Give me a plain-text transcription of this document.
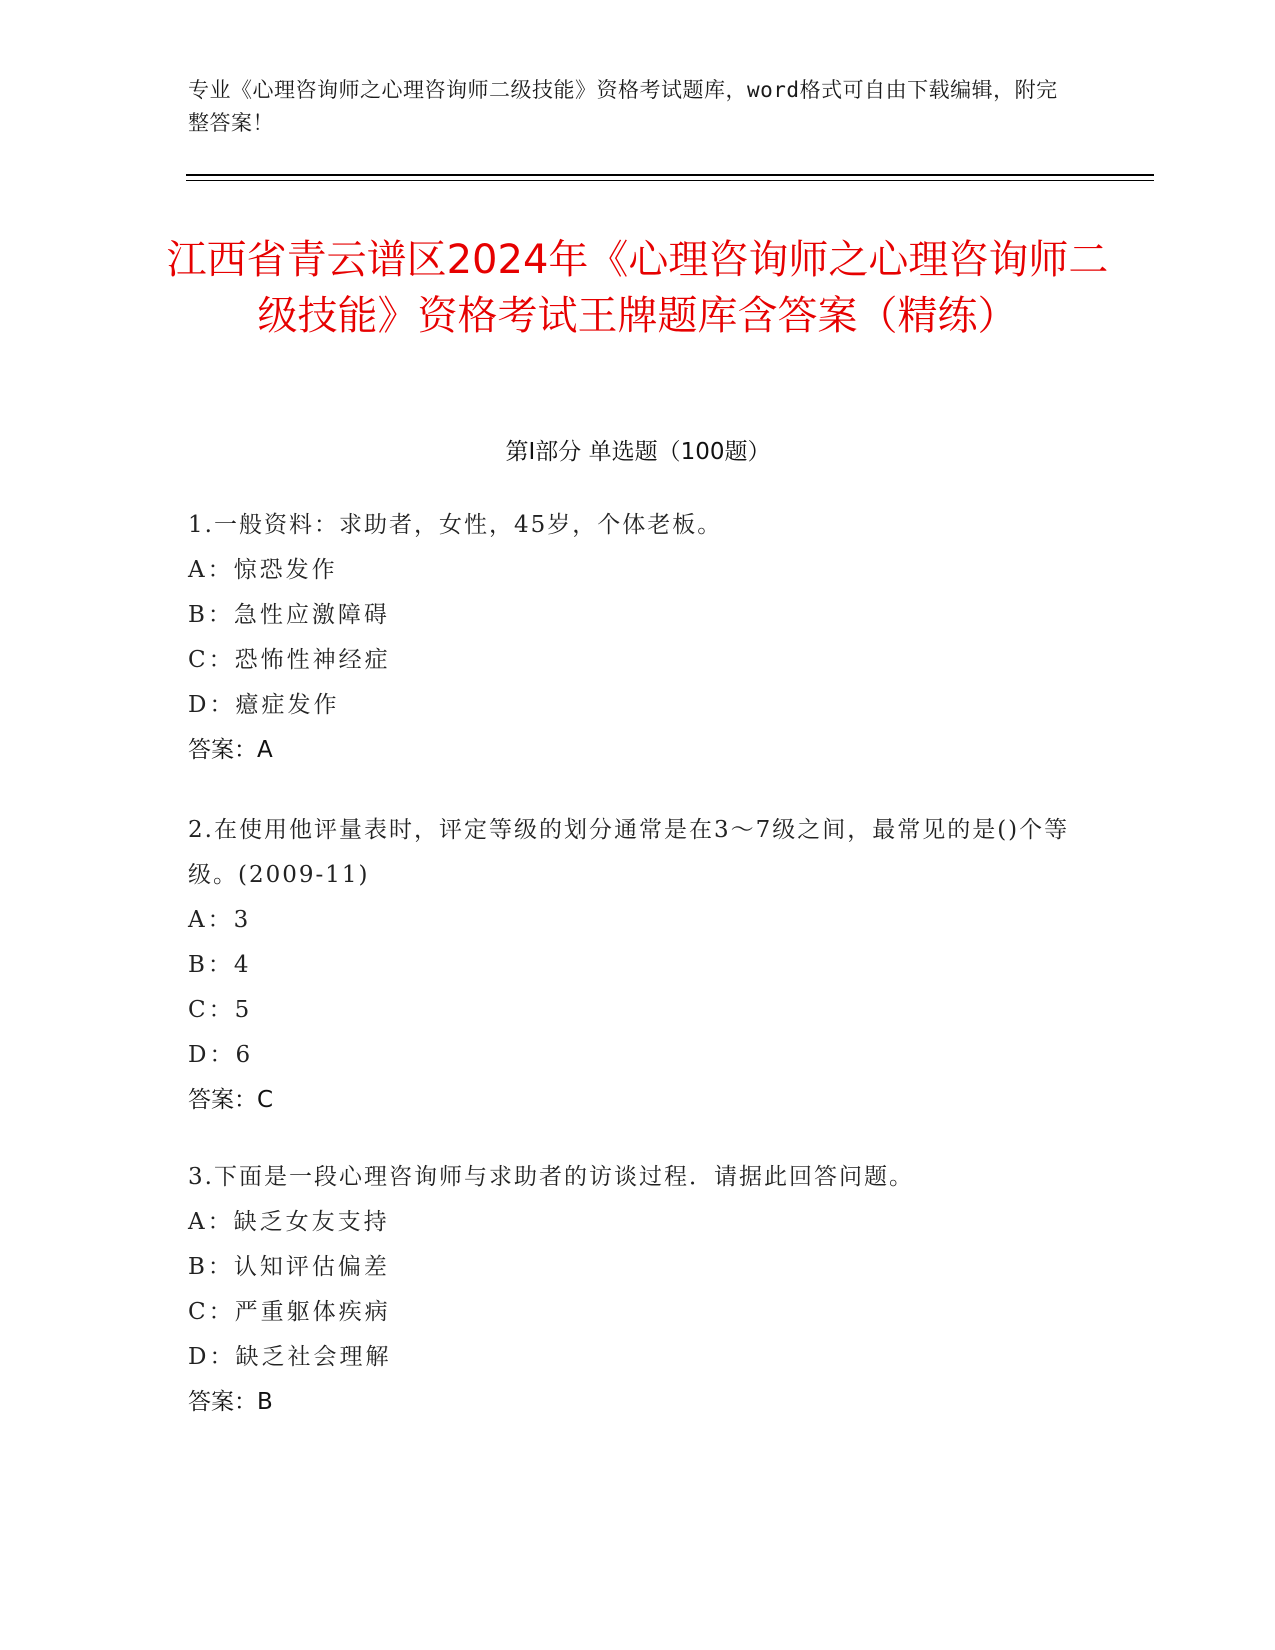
专业《心理咨询师之心理咨询师二级技能》资格考试题库，word格式可自由下载编辑，附完整答案！
江西省青云谱区2024年《心理咨询师之心理咨询师二级技能》资格考试王牌题库含答案（精练）
第I部分 单选题（100题）
1.一般资料：求助者，女性，45岁，个体老板。
A：惊恐发作
B：急性应激障碍
C：恐怖性神经症
D：癔症发作
答案：A
2.在使用他评量表时，评定等级的划分通常是在3～7级之间，最常见的是()个等级。(2009-11)
A：3
B：4
C：5
D：6
答案：C
3.下面是一段心理咨询师与求助者的访谈过程．请据此回答问题。
A：缺乏女友支持
B：认知评估偏差
C：严重躯体疾病
D：缺乏社会理解
答案：B
